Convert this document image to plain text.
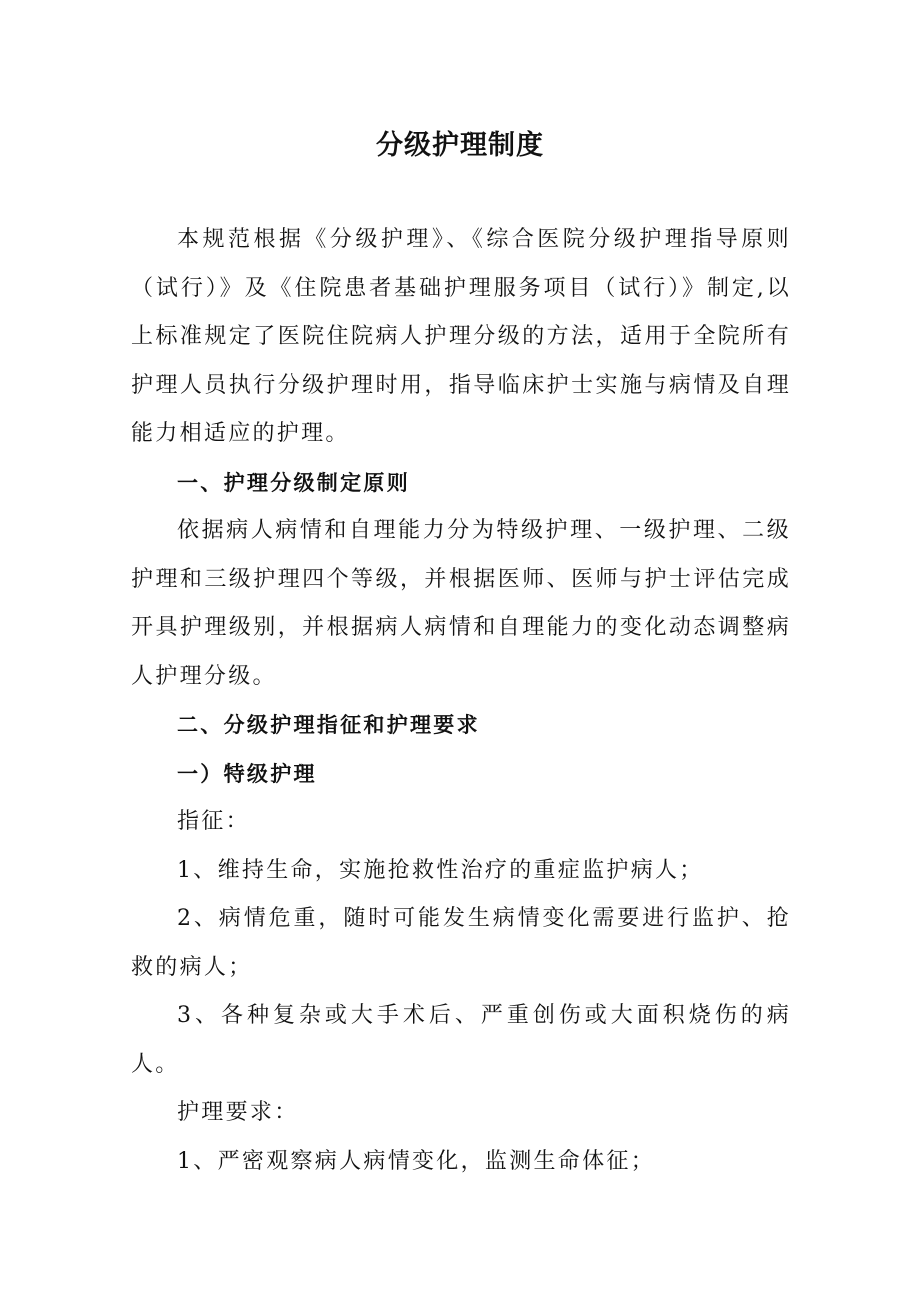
分级护理制度

本规范根据《分级护理》、《综合医院分级护理指导原则（试行）》及《住院患者基础护理服务项目（试行）》制定,以上标准规定了医院住院病人护理分级的方法，适用于全院所有护理人员执行分级护理时用，指导临床护士实施与病情及自理能力相适应的护理。

一、护理分级制定原则

依据病人病情和自理能力分为特级护理、一级护理、二级护理和三级护理四个等级，并根据医师、医师与护士评估完成开具护理级别，并根据病人病情和自理能力的变化动态调整病人护理分级。

二、分级护理指征和护理要求

一）特级护理

指征：

1、维持生命，实施抢救性治疗的重症监护病人；

2、病情危重，随时可能发生病情变化需要进行监护、抢救的病人；

3、各种复杂或大手术后、严重创伤或大面积烧伤的病人。

护理要求：

1、严密观察病人病情变化，监测生命体征；
